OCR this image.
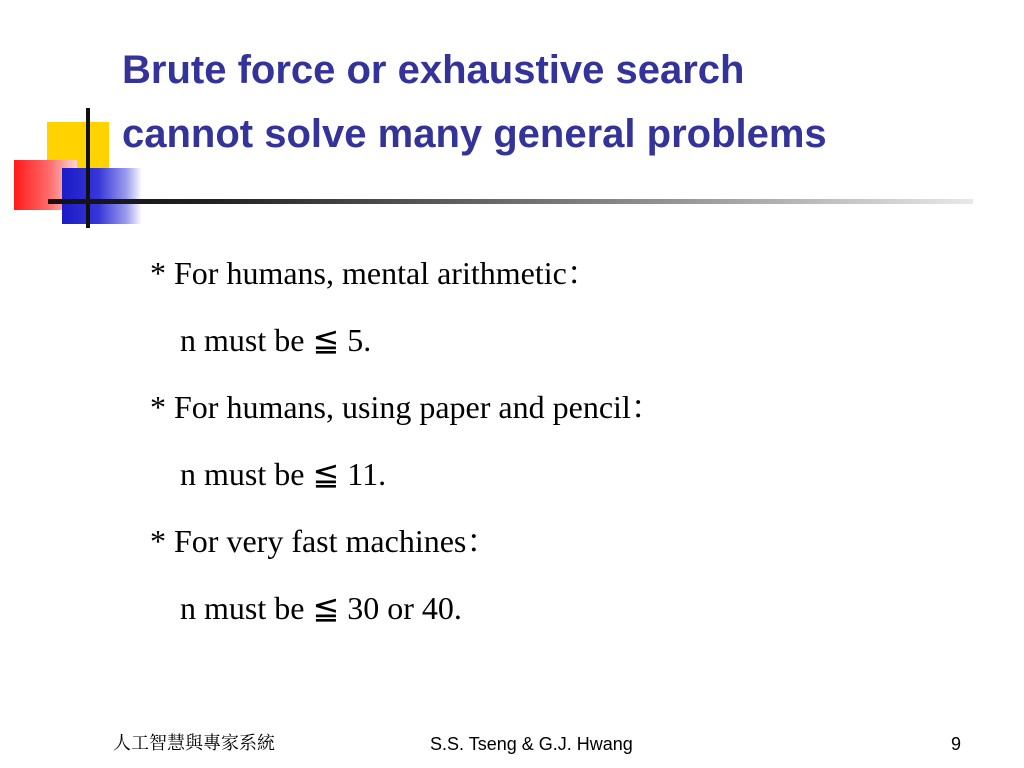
Brute force or exhaustive search
cannot solve many general problems
* For humans, mental arithmetic：
n must be ≦ 5.
* For humans, using paper and pencil：
n must be ≦ 11.
* For very fast machines：
n must be ≦ 30 or 40.
人工智慧與專家系統	S.S. Tseng & G.J. Hwang	9
